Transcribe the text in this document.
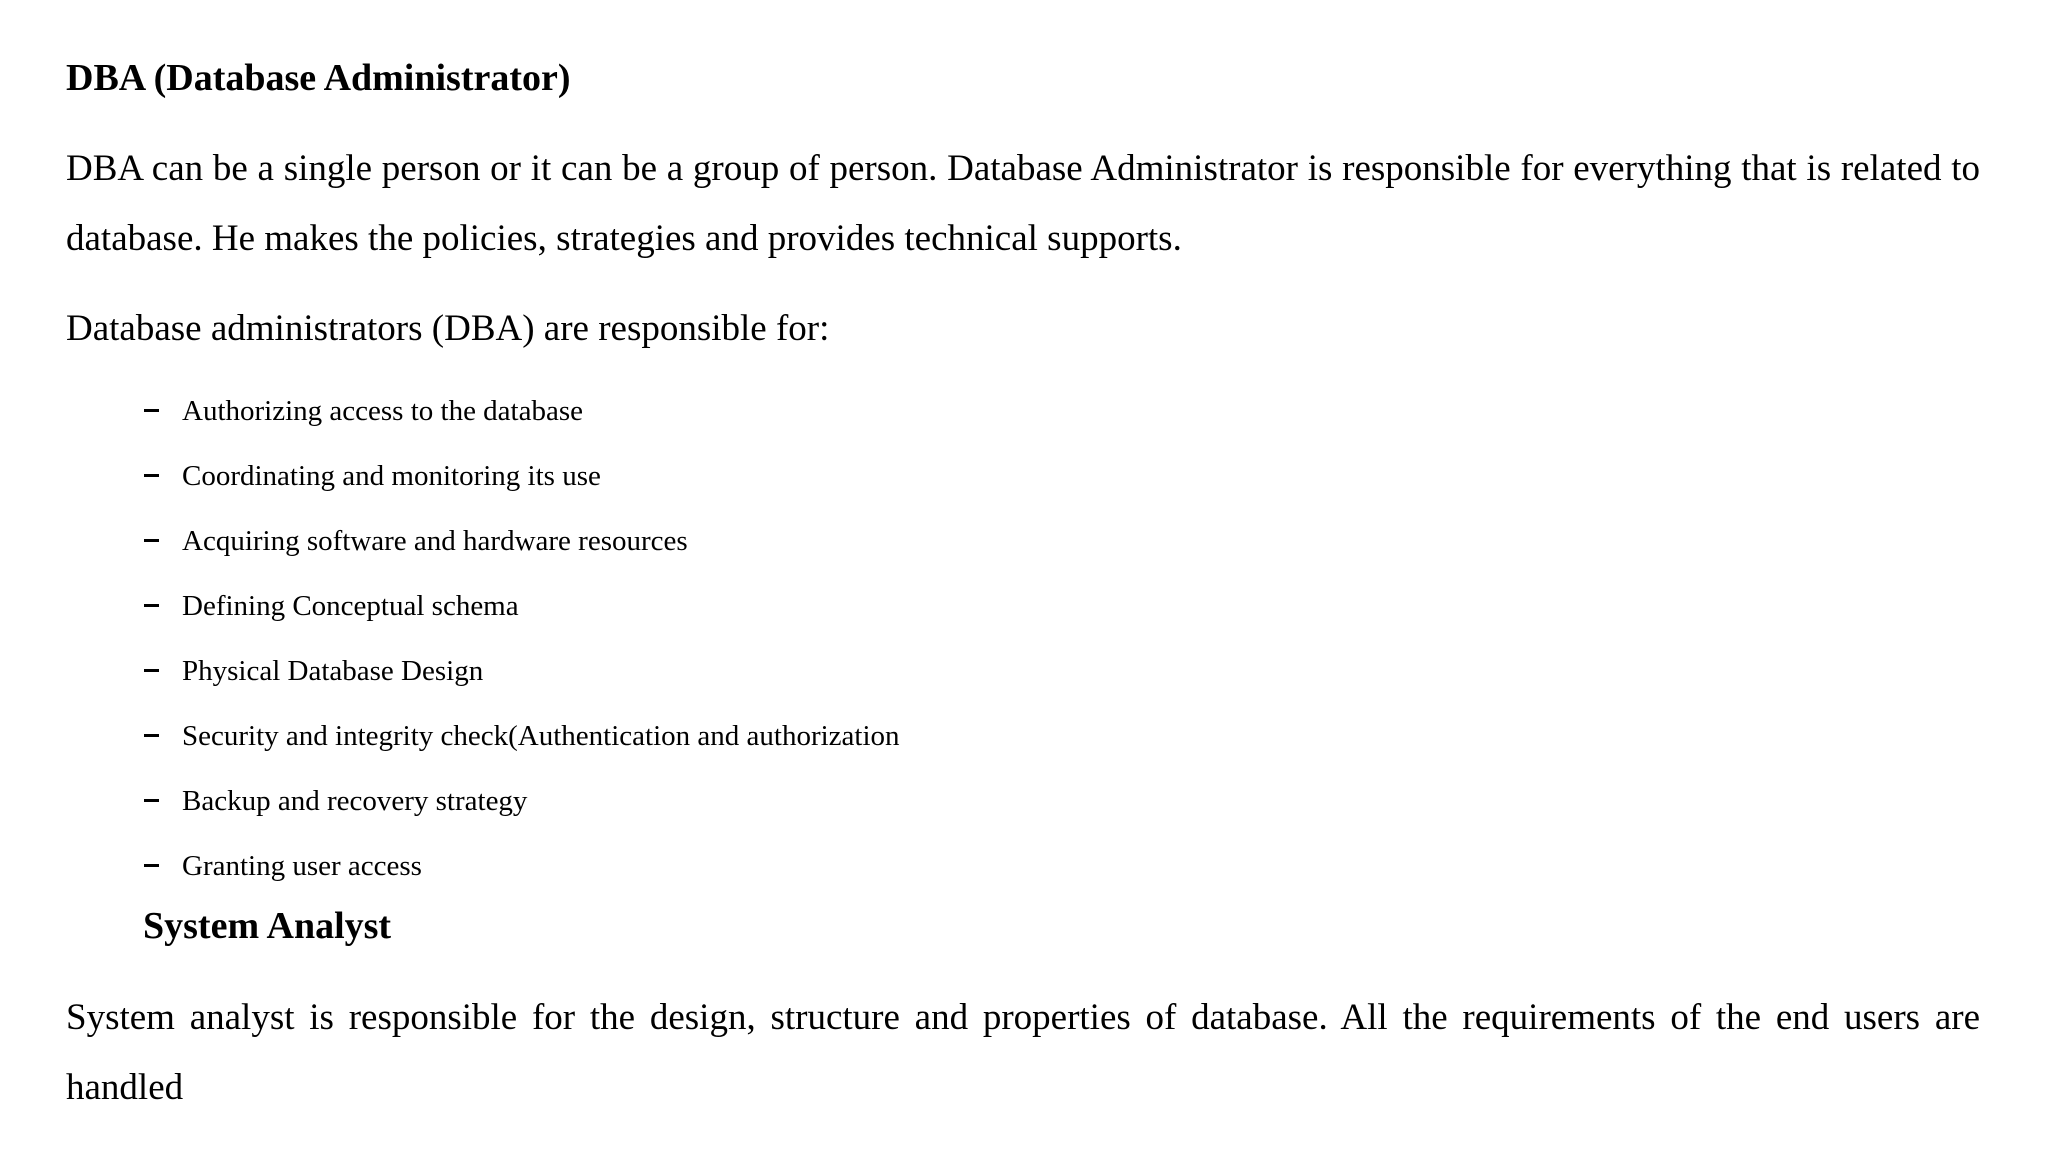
DBA (Database Administrator)

DBA can be a single person or it can be a group of person. Database Administrator is responsible for everything that is related to database. He makes the policies, strategies and provides technical supports.

Database administrators (DBA) are responsible for:

Authorizing access to the database
Coordinating and monitoring its use
Acquiring software and hardware resources
Defining Conceptual schema
Physical Database Design
Security and integrity check(Authentication and authorization
Backup and recovery strategy
Granting user access
System Analyst

System analyst is responsible for the design, structure and properties of database. All the requirements of the end users are handled
